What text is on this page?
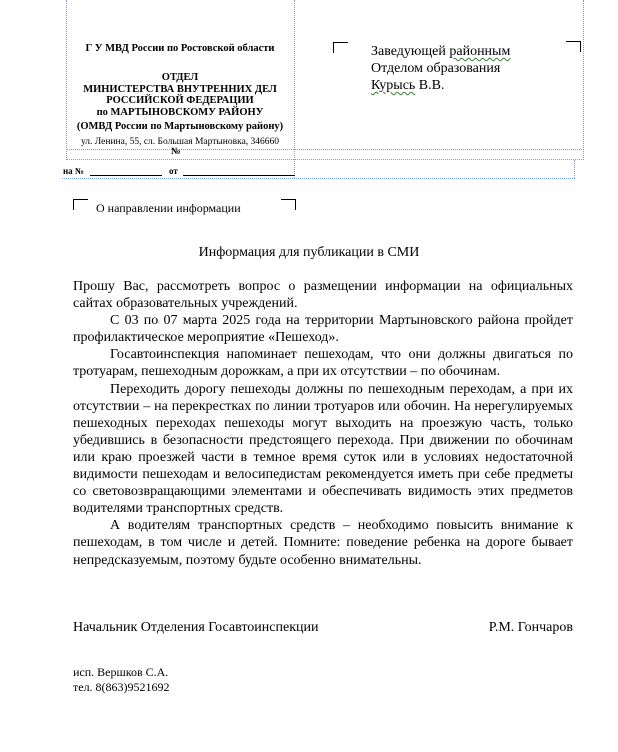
Г У МВД России по Ростовской области
ОТДЕЛ
МИНИСТЕРСТВА ВНУТРЕННИХ ДЕЛ
РОССИЙСКОЙ ФЕДЕРАЦИИ
по МАРТЫНОВСКОМУ РАЙОНУ
(ОМВД России по Мартыновскому району)
ул. Ленина, 55, сл. Большая Мартыновка, 346660
№
на №	от
Заведующей районным
Отделом образования
Курысь В.В.
О направлении информации
Информация для публикации в СМИ

Прошу Вас, рассмотреть вопрос о размещении информации на официальных сайтах образовательных учреждений.

С 03 по 07 марта 2025 года на территории Мартыновского района пройдет профилактическое мероприятие «Пешеход».

Госавтоинспекция напоминает пешеходам, что они должны двигаться по тротуарам, пешеходным дорожкам, а при их отсутствии – по обочинам.

Переходить дорогу пешеходы должны по пешеходным переходам, а при их отсутствии – на перекрестках по линии тротуаров или обочин. На нерегулируемых пешеходных переходах пешеходы могут выходить на проезжую часть, только убедившись в безопасности предстоящего перехода. При движении по обочинам или краю проезжей части в темное время суток или в условиях недостаточной видимости пешеходам и велосипедистам рекомендуется иметь при себе предметы со световозвращающими элементами и обеспечивать видимость этих предметов водителями транспортных средств.

А водителям транспортных средств – необходимо повысить внимание к пешеходам, в том числе и детей. Помните: поведение ребенка на дороге бывает непредсказуемым, поэтому будьте особенно внимательны.

Начальник Отделения Госавтоинспекции	Р.М. Гончаров
исп. Вершков С.А.
тел. 8(863)9521692
